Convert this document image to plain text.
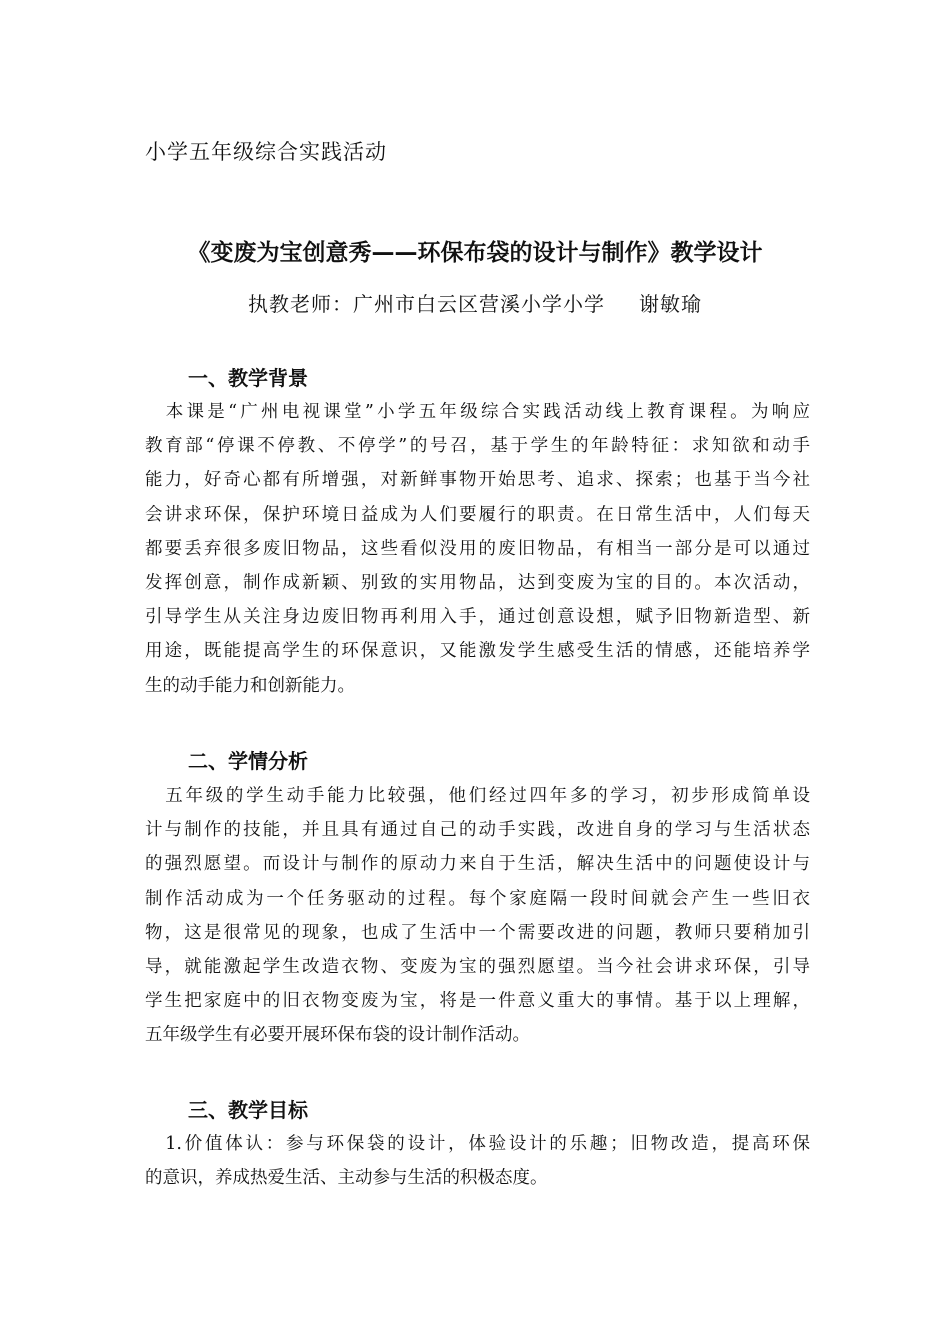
小学五年级综合实践活动
《变废为宝创意秀——环保布袋的设计与制作》教学设计
执教老师：广州市白云区营溪小学小学 谢敏瑜
一、教学背景
　本课是“广州电视课堂”小学五年级综合实践活动线上教育课程。为响应
教育部“停课不停教、不停学”的号召，基于学生的年龄特征：求知欲和动手
能力，好奇心都有所增强，对新鲜事物开始思考、追求、探索；也基于当今社
会讲求环保，保护环境日益成为人们要履行的职责。在日常生活中，人们每天
都要丢弃很多废旧物品，这些看似没用的废旧物品，有相当一部分是可以通过
发挥创意，制作成新颖、别致的实用物品，达到变废为宝的目的。本次活动，
引导学生从关注身边废旧物再利用入手，通过创意设想，赋予旧物新造型、新
用途，既能提高学生的环保意识，又能激发学生感受生活的情感，还能培养学
生的动手能力和创新能力。
二、学情分析
　五年级的学生动手能力比较强，他们经过四年多的学习，初步形成简单设
计与制作的技能，并且具有通过自己的动手实践，改进自身的学习与生活状态
的强烈愿望。而设计与制作的原动力来自于生活，解决生活中的问题使设计与
制作活动成为一个任务驱动的过程。每个家庭隔一段时间就会产生一些旧衣
物，这是很常见的现象，也成了生活中一个需要改进的问题，教师只要稍加引
导，就能激起学生改造衣物、变废为宝的强烈愿望。当今社会讲求环保，引导
学生把家庭中的旧衣物变废为宝，将是一件意义重大的事情。基于以上理解，
五年级学生有必要开展环保布袋的设计制作活动。
三、教学目标
　1.价值体认：参与环保袋的设计，体验设计的乐趣；旧物改造，提高环保
的意识，养成热爱生活、主动参与生活的积极态度。
